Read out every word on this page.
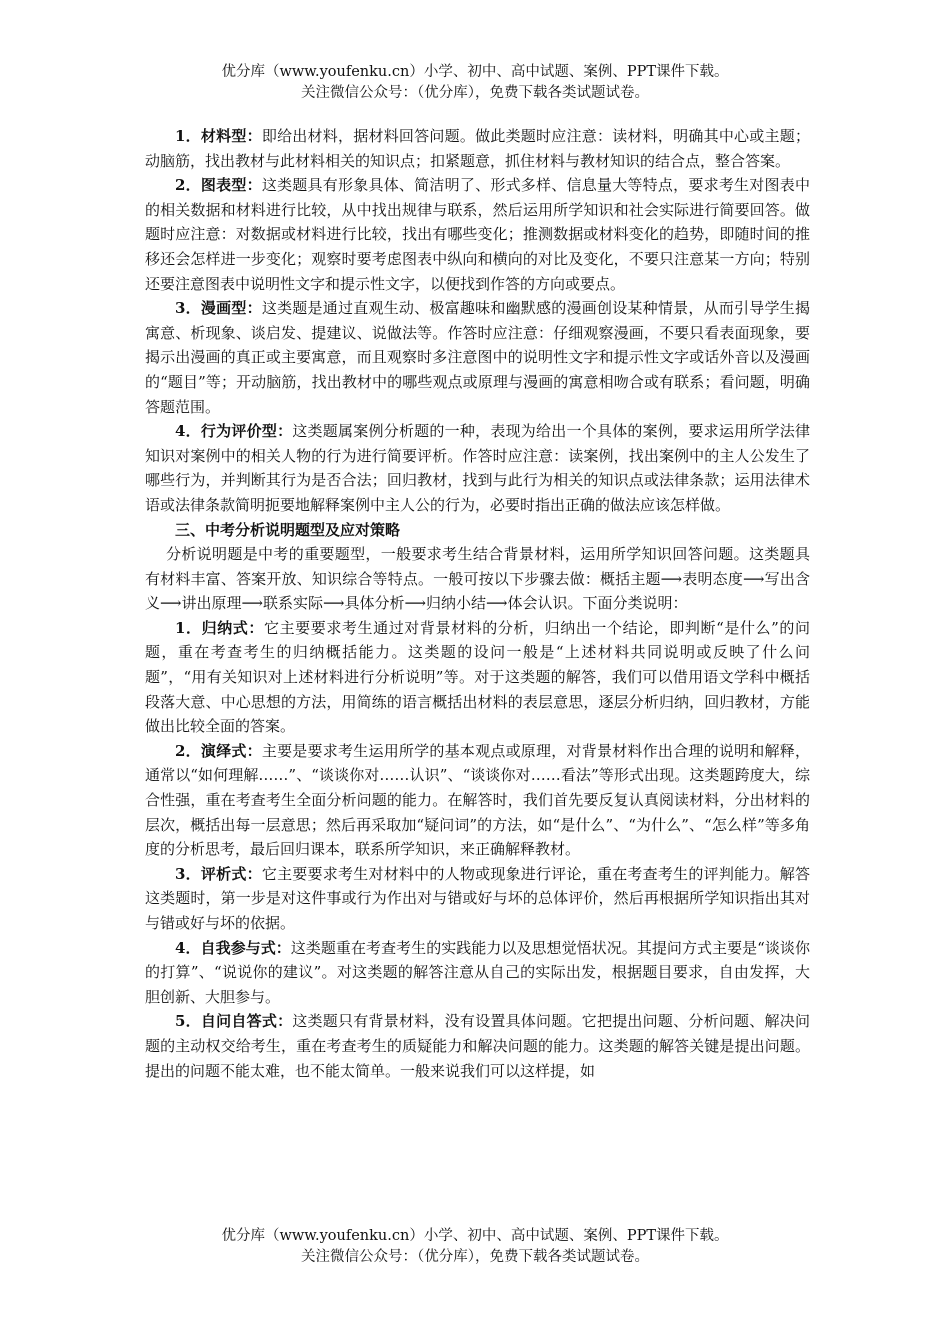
优分库（www.youfenku.cn）小学、初中、高中试题、案例、PPT课件下载。
关注微信公众号：（优分库），免费下载各类试题试卷。

1．材料型：即给出材料，据材料回答问题。做此类题时应注意：读材料，明确其中心或主题；动脑筋，找出教材与此材料相关的知识点；扣紧题意，抓住材料与教材知识的结合点，整合答案。

2．图表型：这类题具有形象具体、简洁明了、形式多样、信息量大等特点，要求考生对图表中的相关数据和材料进行比较，从中找出规律与联系，然后运用所学知识和社会实际进行简要回答。做题时应注意：对数据或材料进行比较，找出有哪些变化；推测数据或材料变化的趋势，即随时间的推移还会怎样进一步变化；观察时要考虑图表中纵向和横向的对比及变化，不要只注意某一方向；特别还要注意图表中说明性文字和提示性文字，以便找到作答的方向或要点。

3．漫画型：这类题是通过直观生动、极富趣味和幽默感的漫画创设某种情景，从而引导学生揭寓意、析现象、谈启发、提建议、说做法等。作答时应注意：仔细观察漫画，不要只看表面现象，要揭示出漫画的真正或主要寓意，而且观察时多注意图中的说明性文字和提示性文字或话外音以及漫画的“题目”等；开动脑筋，找出教材中的哪些观点或原理与漫画的寓意相吻合或有联系；看问题，明确答题范围。

4．行为评价型：这类题属案例分析题的一种，表现为给出一个具体的案例，要求运用所学法律知识对案例中的相关人物的行为进行简要评析。作答时应注意：读案例，找出案例中的主人公发生了哪些行为，并判断其行为是否合法；回归教材，找到与此行为相关的知识点或法律条款；运用法律术语或法律条款简明扼要地解释案例中主人公的行为，必要时指出正确的做法应该怎样做。

三、中考分析说明题型及应对策略

分析说明题是中考的重要题型，一般要求考生结合背景材料，运用所学知识回答问题。这类题具有材料丰富、答案开放、知识综合等特点。一般可按以下步骤去做：概括主题⟶表明态度⟶写出含义⟶讲出原理⟶联系实际⟶具体分析⟶归纳小结⟶体会认识。下面分类说明：

1．归纳式：它主要要求考生通过对背景材料的分析，归纳出一个结论，即判断“是什么”的问题，重在考查考生的归纳概括能力。这类题的设问一般是“上述材料共同说明或反映了什么问题”，“用有关知识对上述材料进行分析说明”等。对于这类题的解答，我们可以借用语文学科中概括段落大意、中心思想的方法，用简练的语言概括出材料的表层意思，逐层分析归纳，回归教材，方能做出比较全面的答案。

2．演绎式：主要是要求考生运用所学的基本观点或原理，对背景材料作出合理的说明和解释，通常以“如何理解……”、“谈谈你对……认识”、“谈谈你对……看法”等形式出现。这类题跨度大，综合性强，重在考查考生全面分析问题的能力。在解答时，我们首先要反复认真阅读材料，分出材料的层次，概括出每一层意思；然后再采取加“疑问词”的方法，如“是什么”、“为什么”、“怎么样”等多角度的分析思考，最后回归课本，联系所学知识，来正确解释教材。

3．评析式：它主要要求考生对材料中的人物或现象进行评论，重在考查考生的评判能力。解答这类题时，第一步是对这件事或行为作出对与错或好与坏的总体评价，然后再根据所学知识指出其对与错或好与坏的依据。

4．自我参与式：这类题重在考查考生的实践能力以及思想觉悟状况。其提问方式主要是“谈谈你的打算”、“说说你的建议”。对这类题的解答注意从自己的实际出发，根据题目要求，自由发挥，大胆创新、大胆参与。

5．自问自答式：这类题只有背景材料，没有设置具体问题。它把提出问题、分析问题、解决问题的主动权交给考生，重在考查考生的质疑能力和解决问题的能力。这类题的解答关键是提出问题。提出的问题不能太难，也不能太简单。一般来说我们可以这样提，如

优分库（www.youfenku.cn）小学、初中、高中试题、案例、PPT课件下载。
关注微信公众号：（优分库），免费下载各类试题试卷。
